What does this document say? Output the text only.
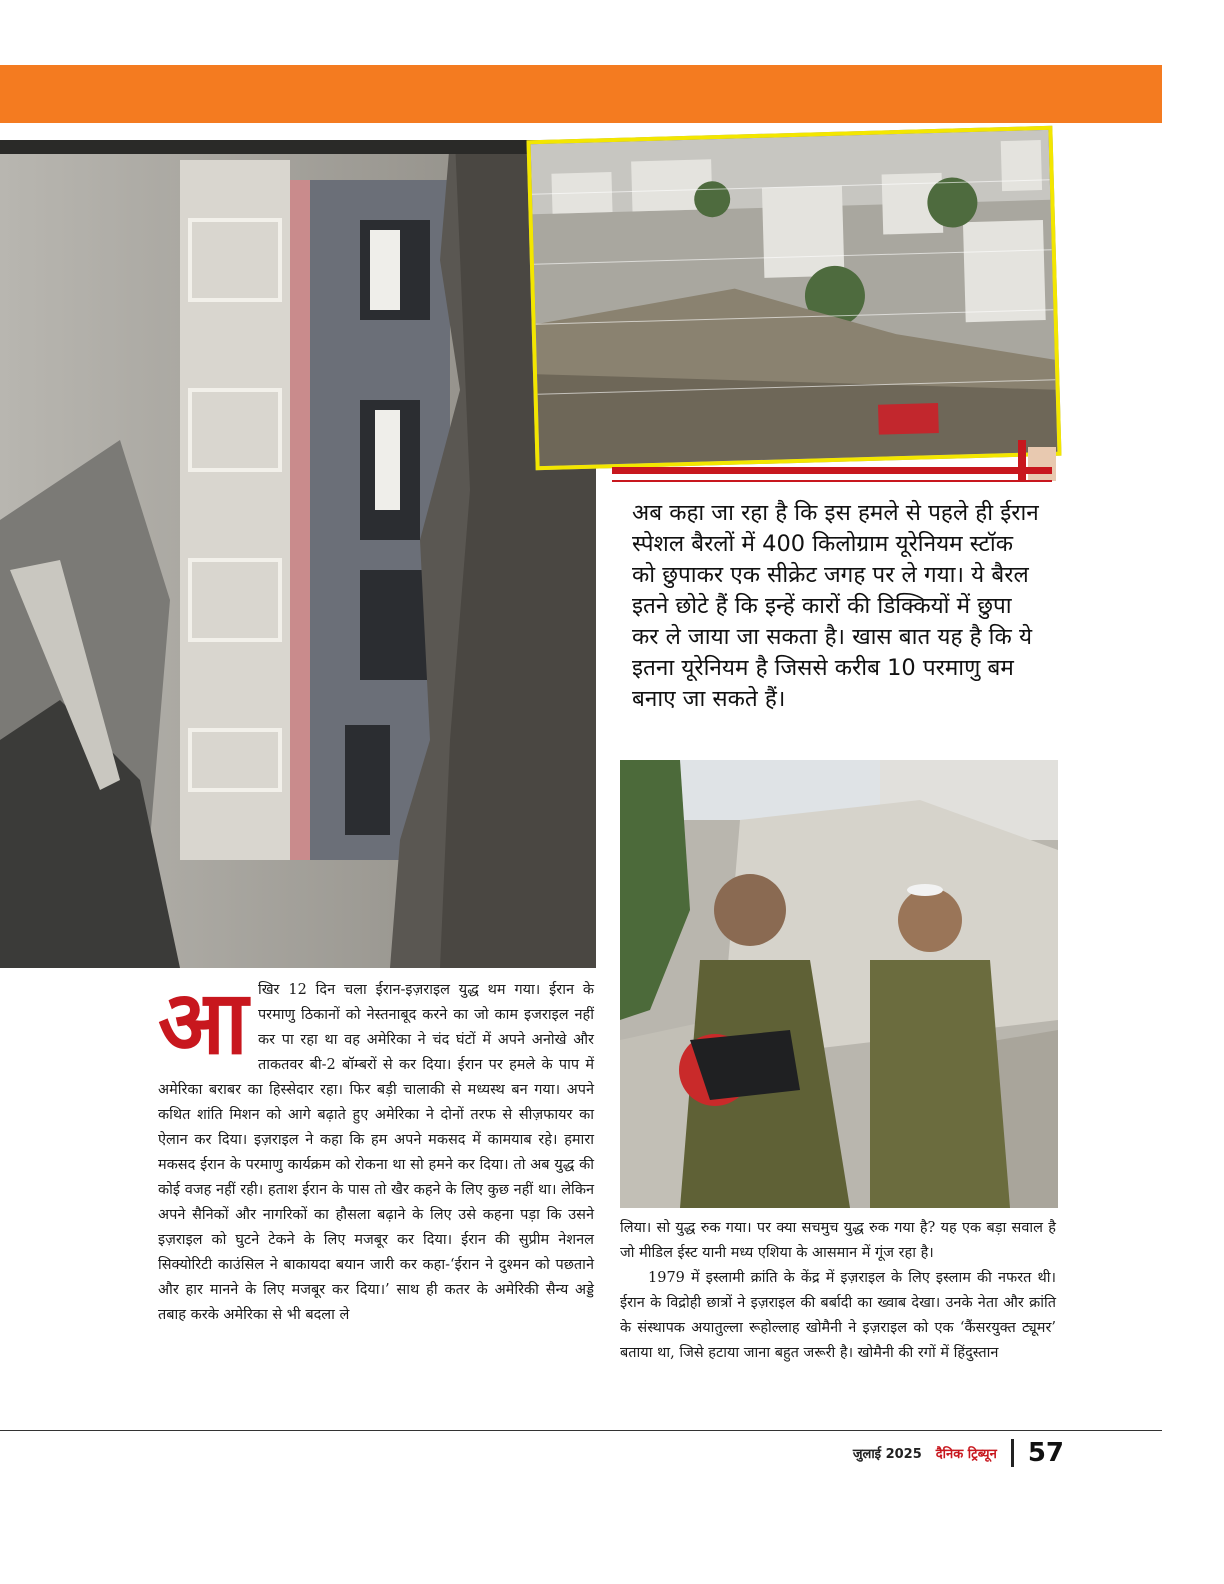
अब कहा जा रहा है कि इस हमले से पहले ही ईरान स्पेशल बैरलों में 400 किलोग्राम यूरेनियम स्टॉक को छुपाकर एक सीक्रेट जगह पर ले गया। ये बैरल इतने छोटे हैं कि इन्हें कारों की डिक्कियों में छुपा कर ले जाया जा सकता है। खास बात यह है कि ये इतना यूरेनियम है जिससे करीब 10 परमाणु बम बनाए जा सकते हैं।

आ खिर 12 दिन चला ईरान-इज़राइल युद्ध थम गया। ईरान के परमाणु ठिकानों को नेस्तनाबूद करने का जो काम इजराइल नहीं कर पा रहा था वह अमेरिका ने चंद घंटों में अपने अनोखे और ताकतवर बी-2 बॉम्बरों से कर दिया। ईरान पर हमले के पाप में अमेरिका बराबर का हिस्सेदार रहा। फिर बड़ी चालाकी से मध्यस्थ बन गया। अपने कथित शांति मिशन को आगे बढ़ाते हुए अमेरिका ने दोनों तरफ से सीज़फायर का ऐलान कर दिया। इज़राइल ने कहा कि हम अपने मकसद में कामयाब रहे। हमारा मकसद ईरान के परमाणु कार्यक्रम को रोकना था सो हमने कर दिया। तो अब युद्ध की कोई वजह नहीं रही। हताश ईरान के पास तो खैर कहने के लिए कुछ नहीं था। लेकिन अपने सैनिकों और नागरिकों का हौसला बढ़ाने के लिए उसे कहना पड़ा कि उसने इज़राइल को घुटने टेकने के लिए मजबूर कर दिया। ईरान की सुप्रीम नेशनल सिक्योरिटी काउंसिल ने बाकायदा बयान जारी कर कहा-‘ईरान ने दुश्मन को पछताने और हार मानने के लिए मजबूर कर दिया।’ साथ ही कतर के अमेरिकी सैन्य अड्डे तबाह करके अमेरिका से भी बदला ले
लिया। सो युद्ध रुक गया। पर क्या सचमुच युद्ध रुक गया है? यह एक बड़ा सवाल है जो मीडिल ईस्ट यानी मध्य एशिया के आसमान में गूंज रहा है।
1979 में इस्लामी क्रांति के केंद्र में इज़राइल के लिए इस्लाम की नफरत थी। ईरान के विद्रोही छात्रों ने इज़राइल की बर्बादी का ख्वाब देखा। उनके नेता और क्रांति के संस्थापक अयातुल्ला रूहोल्लाह खोमैनी ने इज़राइल को एक ‘कैंसरयुक्त ट्यूमर’ बताया था, जिसे हटाया जाना बहुत जरूरी है। खोमैनी की रगों में हिंदुस्तान
जुलाई 2025 दैनिक ट्रिब्यून 57
